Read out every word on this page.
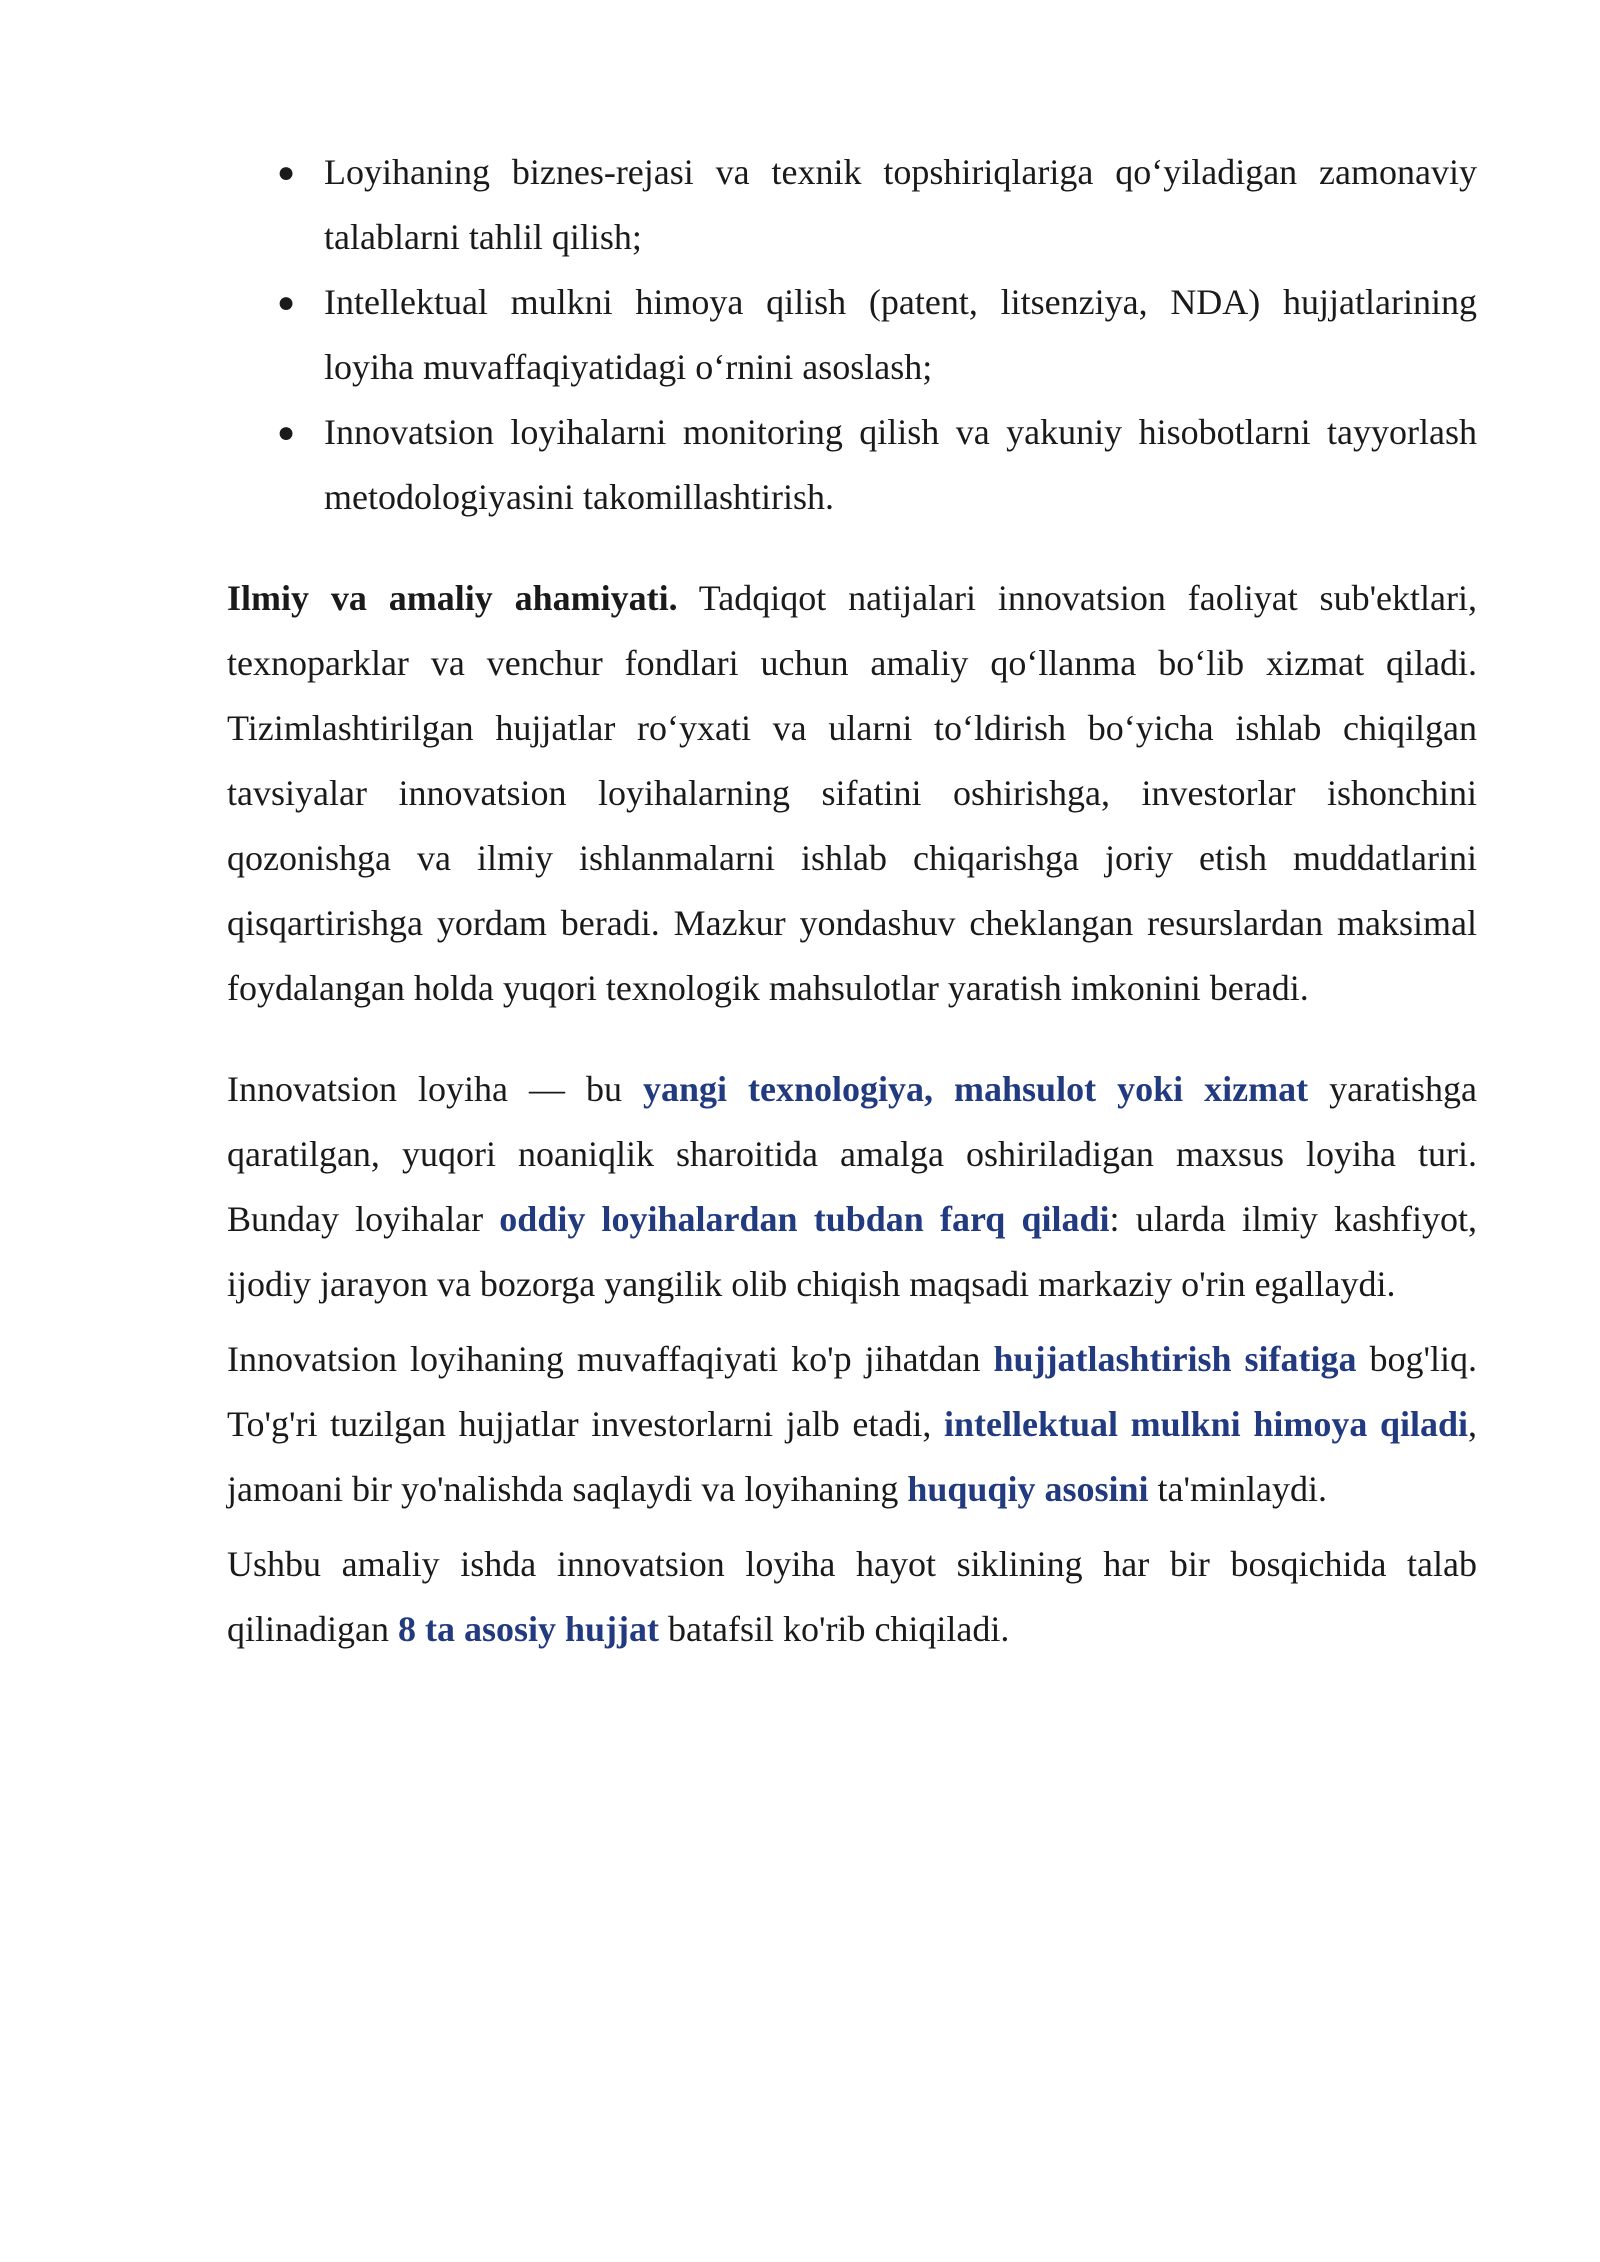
● Loyihaning biznes-rejasi va texnik topshiriqlariga qo‘yiladigan zamonaviy talablarni tahlil qilish;
● Intellektual mulkni himoya qilish (patent, litsenziya, NDA) hujjatlarining loyiha muvaffaqiyatidagi o‘rnini asoslash;
● Innovatsion loyihalarni monitoring qilish va yakuniy hisobotlarni tayyorlash metodologiyasini takomillashtirish.

Ilmiy va amaliy ahamiyati. Tadqiqot natijalari innovatsion faoliyat sub'ektlari, texnoparklar va venchur fondlari uchun amaliy qo‘llanma bo‘lib xizmat qiladi. Tizimlashtirilgan hujjatlar ro‘yxati va ularni to‘ldirish bo‘yicha ishlab chiqilgan tavsiyalar innovatsion loyihalarning sifatini oshirishga, investorlar ishonchini qozonishga va ilmiy ishlanmalarni ishlab chiqarishga joriy etish muddatlarini qisqartirishga yordam beradi. Mazkur yondashuv cheklangan resurslardan maksimal foydalangan holda yuqori texnologik mahsulotlar yaratish imkonini beradi.

Innovatsion loyiha — bu yangi texnologiya, mahsulot yoki xizmat yaratishga qaratilgan, yuqori noaniqlik sharoitida amalga oshiriladigan maxsus loyiha turi. Bunday loyihalar oddiy loyihalardan tubdan farq qiladi: ularda ilmiy kashfiyot, ijodiy jarayon va bozorga yangilik olib chiqish maqsadi markaziy o'rin egallaydi.

Innovatsion loyihaning muvaffaqiyati ko'p jihatdan hujjatlashtirish sifatiga bog'liq. To'g'ri tuzilgan hujjatlar investorlarni jalb etadi, intellektual mulkni himoya qiladi, jamoani bir yo'nalishda saqlaydi va loyihaning huquqiy asosini ta'minlaydi.

Ushbu amaliy ishda innovatsion loyiha hayot siklining har bir bosqichida talab qilinadigan 8 ta asosiy hujjat batafsil ko'rib chiqiladi.
